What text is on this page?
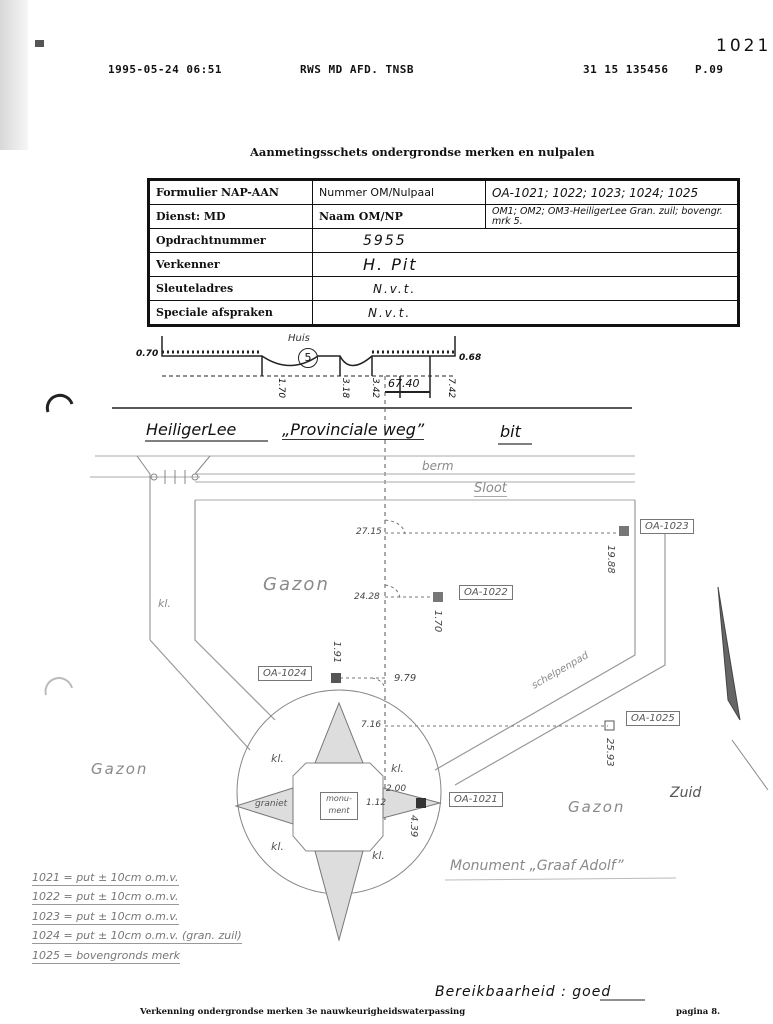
1995-05-24 06:51	RWS MD AFD. TNSB	31 15 135456 P.09
1021
Aanmetingsschets ondergrondse merken en nulpalen
Formulier NAP-AAN	Nummer OM/Nulpaal	OA-1021; 1022; 1023; 1024; 1025
Dienst: MD	Naam OM/NP	OM1; OM2; OM3-HeiligerLee Gran. zuil; bovengr. mrk 5.
Opdrachtnummer	5955	
Verkenner	H. Pit	
Sleuteladres	N.v.t.	
Speciale afspraken	N.v.t.	
Huis
5
0.70	0.68
1.70	3.18 3.42 67.40	7.42
HeiligerLee	„Provinciale weg”	bit
berm
Sloot
Gazon
Gazon
Gazon
kl.
kl.
kl.
kl.
kl.
graniet
monu-
ment
schelpenpad
Zuid
Monument „Graaf Adolf”
27.15
24.28
9.79
7.16
2.00
1.12
19.88
1.70
1.91
25.93
4.39
OA-1023
OA-1022
OA-1024
OA-1025
OA-1021
1021 = put ± 10cm o.m.v.
1022 = put ± 10cm o.m.v.
1023 = put ± 10cm o.m.v.
1024 = put ± 10cm o.m.v. (gran. zuil)
1025 = bovengronds merk
Bereikbaarheid : goed
Verkenning ondergrondse merken 3e nauwkeurigheidswaterpassing	pagina 8.
